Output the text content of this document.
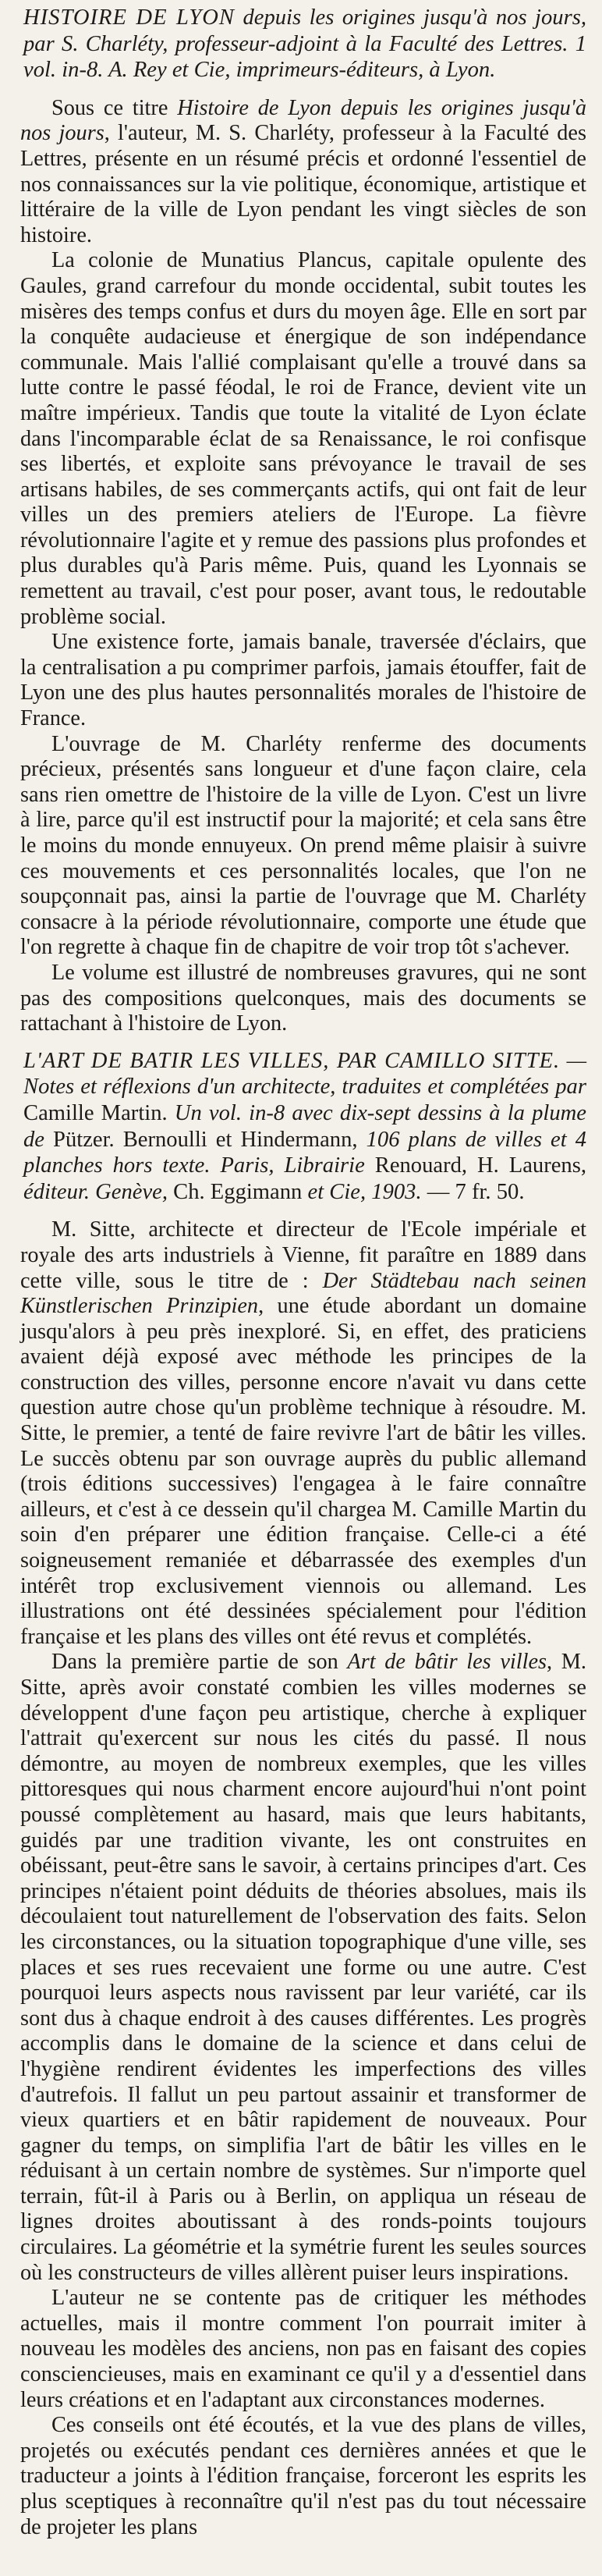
HISTOIRE DE LYON depuis les origines jusqu'à nos jours, par S. Charléty, professeur-adjoint à la Faculté des Lettres. 1 vol. in-8. A. Rey et Cie, imprimeurs-éditeurs, à Lyon.

Sous ce titre Histoire de Lyon depuis les origines jusqu'à nos jours, l'auteur, M. S. Charléty, professeur à la Faculté des Lettres, présente en un résumé précis et ordonné l'essentiel de nos connaissances sur la vie politique, économique, artistique et littéraire de la ville de Lyon pendant les vingt siècles de son histoire.

La colonie de Munatius Plancus, capitale opulente des Gaules, grand carrefour du monde occidental, subit toutes les misères des temps confus et durs du moyen âge. Elle en sort par la conquête audacieuse et énergique de son indépendance communale. Mais l'allié complaisant qu'elle a trouvé dans sa lutte contre le passé féodal, le roi de France, devient vite un maître impérieux. Tandis que toute la vitalité de Lyon éclate dans l'incomparable éclat de sa Renaissance, le roi confisque ses libertés, et exploite sans prévoyance le travail de ses artisans habiles, de ses commerçants actifs, qui ont fait de leur villes un des premiers ateliers de l'Europe. La fièvre révolutionnaire l'agite et y remue des passions plus profondes et plus durables qu'à Paris même. Puis, quand les Lyonnais se remettent au travail, c'est pour poser, avant tous, le redoutable problème social.

Une existence forte, jamais banale, traversée d'éclairs, que la centralisation a pu comprimer parfois, jamais étouffer, fait de Lyon une des plus hautes personnalités morales de l'histoire de France.

L'ouvrage de M. Charléty renferme des documents précieux, présentés sans longueur et d'une façon claire, cela sans rien omettre de l'histoire de la ville de Lyon. C'est un livre à lire, parce qu'il est instructif pour la majorité; et cela sans être le moins du monde ennuyeux. On prend même plaisir à suivre ces mouvements et ces personnalités locales, que l'on ne soupçonnait pas, ainsi la partie de l'ouvrage que M. Charléty consacre à la période révolutionnaire, comporte une étude que l'on regrette à chaque fin de chapitre de voir trop tôt s'achever.

Le volume est illustré de nombreuses gravures, qui ne sont pas des compositions quelconques, mais des documents se rattachant à l'histoire de Lyon.

L'ART DE BATIR LES VILLES, PAR CAMILLO SITTE. — Notes et réflexions d'un architecte, traduites et complétées par Camille Martin. Un vol. in-8 avec dix-sept dessins à la plume de Pützer. Bernoulli et Hindermann, 106 plans de villes et 4 planches hors texte. Paris, Librairie Renouard, H. Laurens, éditeur. Genève, Ch. Eggimann et Cie, 1903. — 7 fr. 50.

M. Sitte, architecte et directeur de l'Ecole impériale et royale des arts industriels à Vienne, fit paraître en 1889 dans cette ville, sous le titre de : Der Städtebau nach seinen Künstlerischen Prinzipien, une étude abordant un domaine jusqu'alors à peu près inexploré. Si, en effet, des praticiens avaient déjà exposé avec méthode les principes de la construction des villes, personne encore n'avait vu dans cette question autre chose qu'un problème technique à résoudre. M. Sitte, le premier, a tenté de faire revivre l'art de bâtir les villes. Le succès obtenu par son ouvrage auprès du public allemand (trois éditions successives) l'engagea à le faire connaître ailleurs, et c'est à ce dessein qu'il chargea M. Camille Martin du soin d'en préparer une édition française. Celle-ci a été soigneusement remaniée et débarrassée des exemples d'un intérêt trop exclusivement viennois ou allemand. Les illustrations ont été dessinées spécialement pour l'édition française et les plans des villes ont été revus et complétés.

Dans la première partie de son Art de bâtir les villes, M. Sitte, après avoir constaté combien les villes modernes se développent d'une façon peu artistique, cherche à expliquer l'attrait qu'exercent sur nous les cités du passé. Il nous démontre, au moyen de nombreux exemples, que les villes pittoresques qui nous charment encore aujourd'hui n'ont point poussé complètement au hasard, mais que leurs habitants, guidés par une tradition vivante, les ont construites en obéissant, peut-être sans le savoir, à certains principes d'art. Ces principes n'étaient point déduits de théories absolues, mais ils découlaient tout naturellement de l'observation des faits. Selon les circonstances, ou la situation topographique d'une ville, ses places et ses rues recevaient une forme ou une autre. C'est pourquoi leurs aspects nous ravissent par leur variété, car ils sont dus à chaque endroit à des causes différentes. Les progrès accomplis dans le domaine de la science et dans celui de l'hygiène rendirent évidentes les imperfections des villes d'autrefois. Il fallut un peu partout assainir et transformer de vieux quartiers et en bâtir rapidement de nouveaux. Pour gagner du temps, on simplifia l'art de bâtir les villes en le réduisant à un certain nombre de systèmes. Sur n'importe quel terrain, fût-il à Paris ou à Berlin, on appliqua un réseau de lignes droites aboutissant à des ronds-points toujours circulaires. La géométrie et la symétrie furent les seules sources où les constructeurs de villes allèrent puiser leurs inspirations.

L'auteur ne se contente pas de critiquer les méthodes actuelles, mais il montre comment l'on pourrait imiter à nouveau les modèles des anciens, non pas en faisant des copies consciencieuses, mais en examinant ce qu'il y a d'essentiel dans leurs créations et en l'adaptant aux circonstances modernes.

Ces conseils ont été écoutés, et la vue des plans de villes, projetés ou exécutés pendant ces dernières années et que le traducteur a joints à l'édition française, forceront les esprits les plus sceptiques à reconnaître qu'il n'est pas du tout nécessaire de projeter les plans
